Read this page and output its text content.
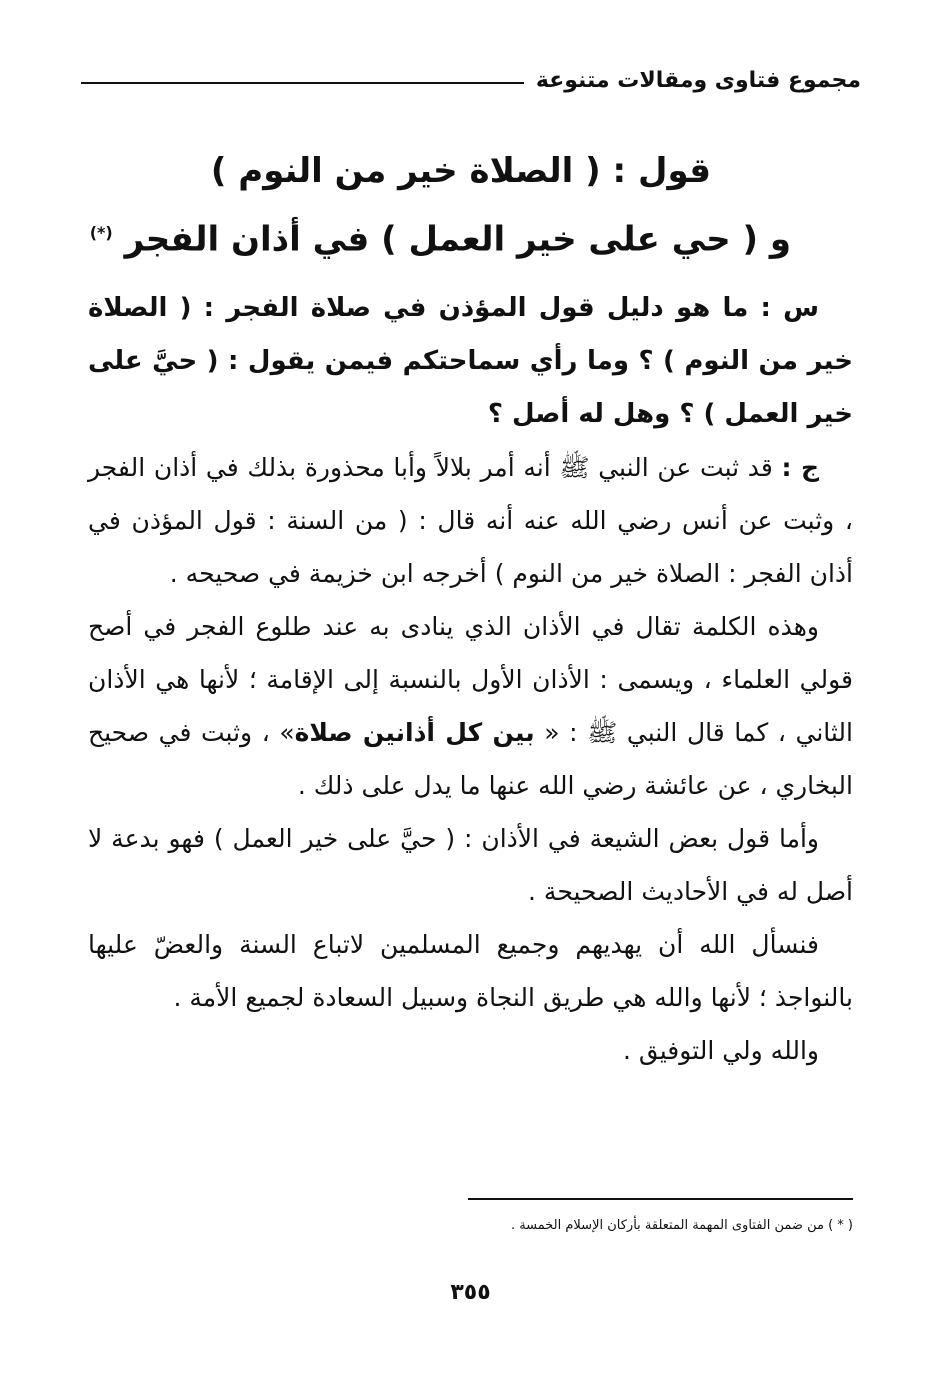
مجموع فتاوى ومقالات متنوعة
قول : ( الصلاة خير من النوم )
و ( حي على خير العمل ) في أذان الفجر (*)

س : ما هو دليل قول المؤذن في صلاة الفجر : ( الصلاة خير من النوم ) ؟ وما رأي سماحتكم فيمن يقول : ( حيَّ على خير العمل ) ؟ وهل له أصل ؟

ج : قد ثبت عن النبي ﷺ أنه أمر بلالاً وأبا محذورة بذلك في أذان الفجر ، وثبت عن أنس رضي الله عنه أنه قال : ( من السنة : قول المؤذن في أذان الفجر : الصلاة خير من النوم ) أخرجه ابن خزيمة في صحيحه .

وهذه الكلمة تقال في الأذان الذي ينادى به عند طلوع الفجر في أصح قولي العلماء ، ويسمى : الأذان الأول بالنسبة إلى الإقامة ؛ لأنها هي الأذان الثاني ، كما قال النبي ﷺ : « بين كل أذانين صلاة» ، وثبت في صحيح البخاري ، عن عائشة رضي الله عنها ما يدل على ذلك .

وأما قول بعض الشيعة في الأذان : ( حيَّ على خير العمل ) فهو بدعة لا أصل له في الأحاديث الصحيحة .

فنسأل الله أن يهديهم وجميع المسلمين لاتباع السنة والعضّ عليها بالنواجذ ؛ لأنها والله هي طريق النجاة وسبيل السعادة لجميع الأمة .

والله ولي التوفيق .

( * ) من ضمن الفتاوى المهمة المتعلقة بأركان الإسلام الخمسة .
٣٥٥
